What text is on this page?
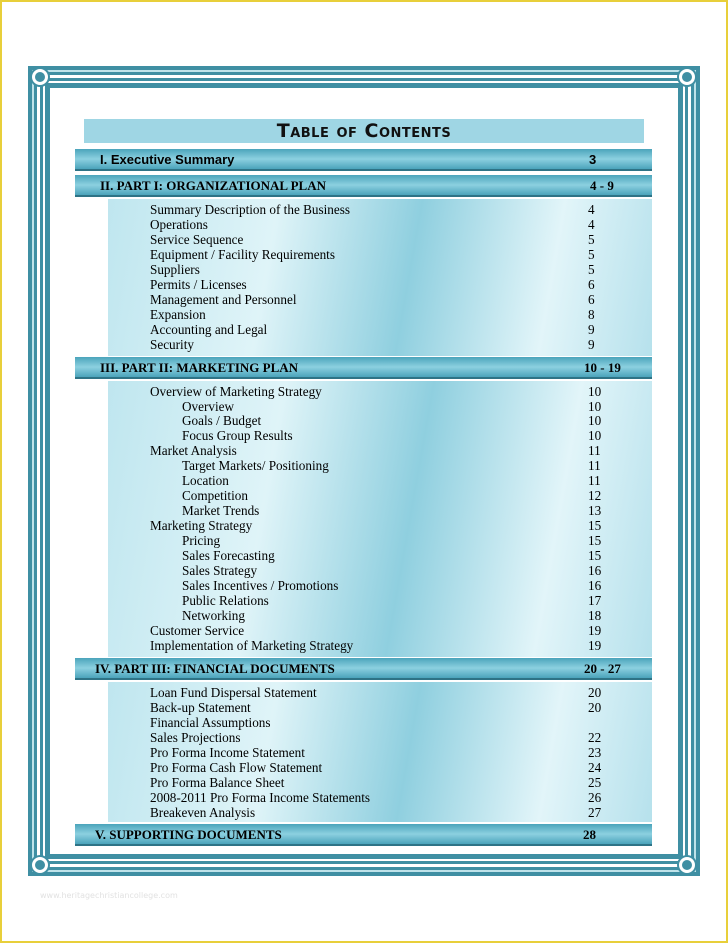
Table of Contents
I. Executive Summary	3
II. PART I: ORGANIZATIONAL PLAN	4 - 9
Summary Description of the Business	4
Operations	4
Service Sequence	5
Equipment / Facility Requirements	5
Suppliers	5
Permits / Licenses	6
Management and Personnel	6
Expansion	8
Accounting and Legal	9
Security	9
III. PART II: MARKETING PLAN	10 - 19
Overview of Marketing Strategy	10
Overview	10
Goals / Budget	10
Focus Group Results	10
Market Analysis	11
Target Markets/ Positioning	11
Location	11
Competition	12
Market Trends	13
Marketing Strategy	15
Pricing	15
Sales Forecasting	15
Sales Strategy	16
Sales Incentives / Promotions	16
Public Relations	17
Networking	18
Customer Service	19
Implementation of Marketing Strategy	19
IV. PART III: FINANCIAL DOCUMENTS	20 - 27
Loan Fund Dispersal Statement	20
Back-up Statement	20
Financial Assumptions
Sales Projections	22
Pro Forma Income Statement	23
Pro Forma Cash Flow Statement	24
Pro Forma Balance Sheet	25
2008-2011 Pro Forma Income Statements	26
Breakeven Analysis	27
V. SUPPORTING DOCUMENTS	28
www.heritagechristiancollege.com
